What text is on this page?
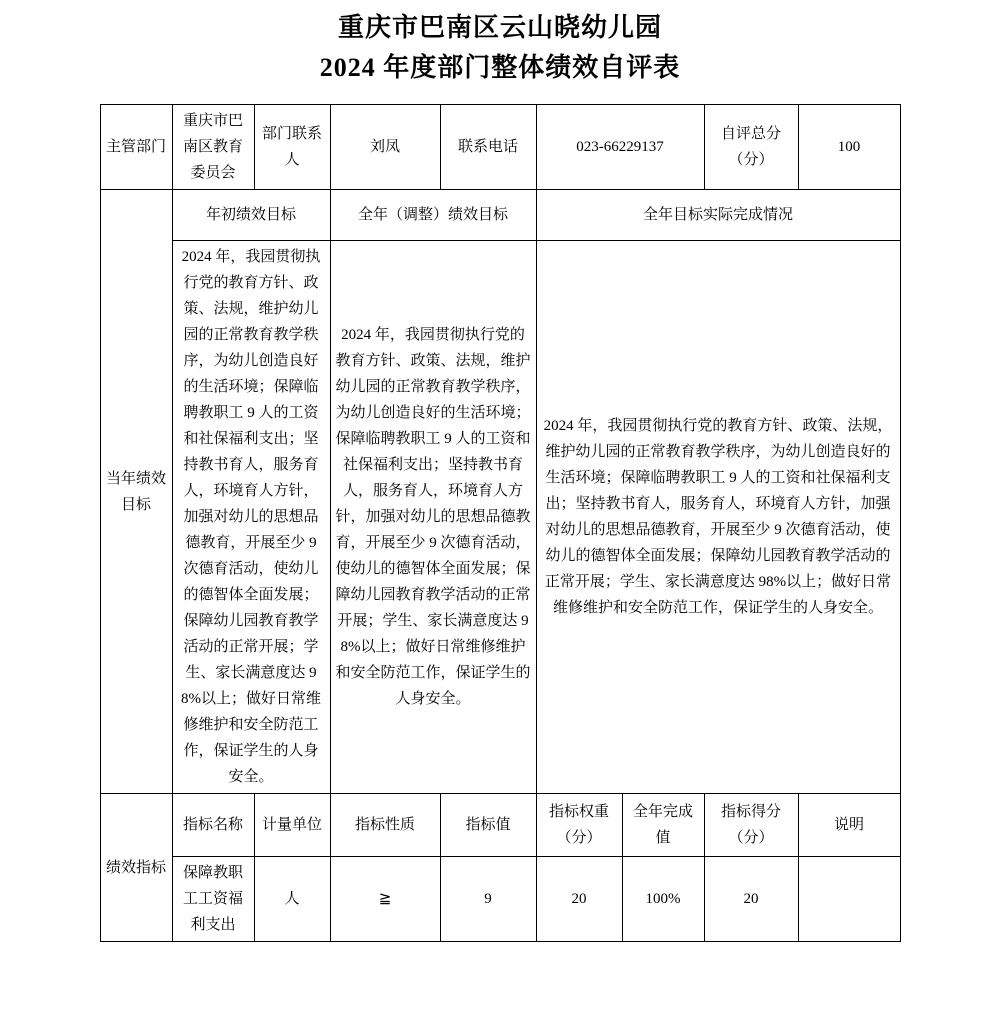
重庆市巴南区云山晓幼儿园
2024 年度部门整体绩效自评表
主管部门	重庆市巴南区教育委员会	部门联系人	刘凤	联系电话	023-66229137		自评总分（分）	100
当年绩效目标	年初绩效目标		全年（调整）绩效目标		全年目标实际完成情况			
	2024 年，我园贯彻执行党的教育方针、政策、法规，维护幼儿园的正常教育教学秩序，为幼儿创造良好的生活环境；保障临聘教职工 9 人的工资和社保福利支出；坚持教书育人，服务育人，环境育人方针，加强对幼儿的思想品德教育，开展至少 9 次德育活动，使幼儿的德智体全面发展；保障幼儿园教育教学活动的正常开展；学生、家长满意度达 98%以上；做好日常维修维护和安全防范工作，保证学生的人身安全。		2024 年，我园贯彻执行党的教育方针、政策、法规，维护幼儿园的正常教育教学秩序，为幼儿创造良好的生活环境；保障临聘教职工 9 人的工资和社保福利支出；坚持教书育人，服务育人，环境育人方针，加强对幼儿的思想品德教育，开展至少 9 次德育活动，使幼儿的德智体全面发展；保障幼儿园教育教学活动的正常开展；学生、家长满意度达 98%以上；做好日常维修维护和安全防范工作，保证学生的人身安全。		2024 年，我园贯彻执行党的教育方针、政策、法规，维护幼儿园的正常教育教学秩序，为幼儿创造良好的生活环境；保障临聘教职工 9 人的工资和社保福利支出；坚持教书育人，服务育人，环境育人方针，加强对幼儿的思想品德教育，开展至少 9 次德育活动，使幼儿的德智体全面发展；保障幼儿园教育教学活动的正常开展；学生、家长满意度达 98%以上；做好日常维修维护和安全防范工作，保证学生的人身安全。			
绩效指标	指标名称	计量单位	指标性质	指标值	指标权重（分）	全年完成值	指标得分（分）	说明
	保障教职工工资福利支出	人	≧	9	20	100%	20	
